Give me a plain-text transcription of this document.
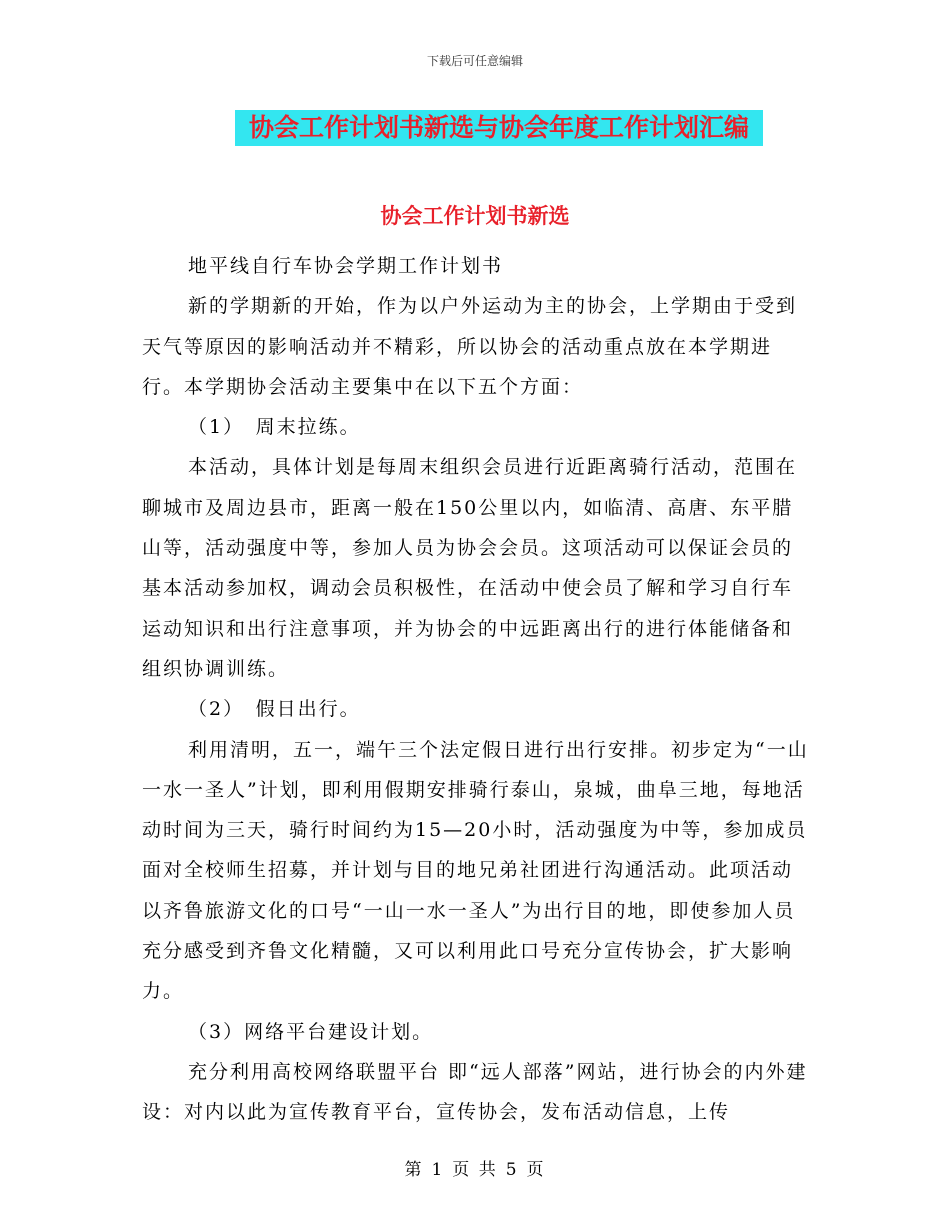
下载后可任意编辑
协会工作计划书新选与协会年度工作计划汇编
协会工作计划书新选

地平线自行车协会学期工作计划书

新的学期新的开始，作为以户外运动为主的协会，上学期由于受到天气等原因的影响活动并不精彩，所以协会的活动重点放在本学期进行。本学期协会活动主要集中在以下五个方面：

（1）　周末拉练。

本活动，具体计划是每周末组织会员进行近距离骑行活动，范围在聊城市及周边县市，距离一般在150公里以内，如临清、高唐、东平腊山等，活动强度中等，参加人员为协会会员。这项活动可以保证会员的基本活动参加权，调动会员积极性，在活动中使会员了解和学习自行车运动知识和出行注意事项，并为协会的中远距离出行的进行体能储备和组织协调训练。

（2）　假日出行。

利用清明，五一，端午三个法定假日进行出行安排。初步定为“一山一水一圣人”计划，即利用假期安排骑行泰山，泉城，曲阜三地，每地活动时间为三天，骑行时间约为15—20小时，活动强度为中等，参加成员面对全校师生招募，并计划与目的地兄弟社团进行沟通活动。此项活动以齐鲁旅游文化的口号“一山一水一圣人”为出行目的地，即使参加人员充分感受到齐鲁文化精髓，又可以利用此口号充分宣传协会，扩大影响力。

（3）网络平台建设计划。

充分利用高校网络联盟平台 即“远人部落”网站，进行协会的内外建设：对内以此为宣传教育平台，宣传协会，发布活动信息，上传

第 1 页 共 5 页
